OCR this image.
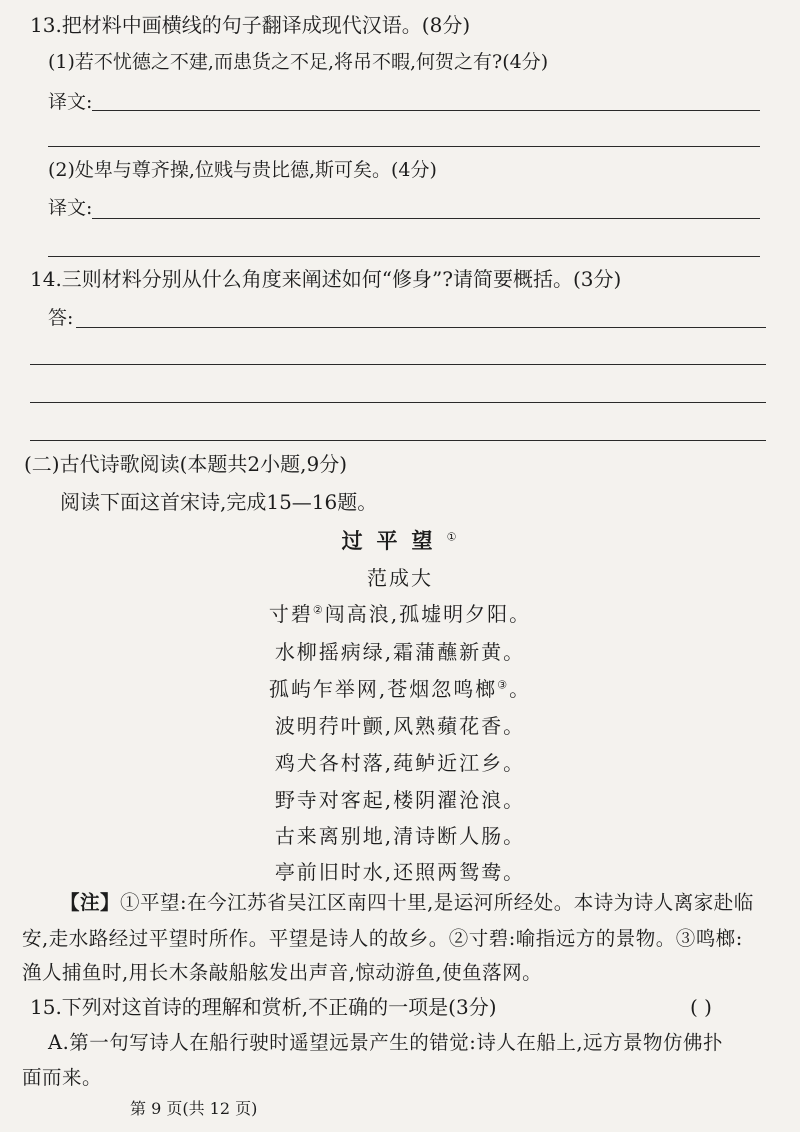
13.把材料中画横线的句子翻译成现代汉语。(8分)
(1)若不忧德之不建,而患货之不足,将吊不暇,何贺之有?(4分)
译文:
(2)处卑与尊齐操,位贱与贵比德,斯可矣。(4分)
译文:
14.三则材料分别从什么角度来阐述如何“修身”?请简要概括。(3分)
答:
(二)古代诗歌阅读(本题共2小题,9分)
阅读下面这首宋诗,完成15—16题。
过平望①
范成大
寸碧②闯高浪,孤墟明夕阳。
水柳摇病绿,霜蒲蘸新黄。
孤屿乍举网,苍烟忽鸣榔③。
波明荇叶颤,风熟蘋花香。
鸡犬各村落,莼鲈近江乡。
野寺对客起,楼阴濯沧浪。
古来离别地,清诗断人肠。
亭前旧时水,还照两鸳鸯。
【注】①平望:在今江苏省吴江区南四十里,是运河所经处。本诗为诗人离家赴临
安,走水路经过平望时所作。平望是诗人的故乡。②寸碧:喻指远方的景物。③鸣榔:
渔人捕鱼时,用长木条敲船舷发出声音,惊动游鱼,使鱼落网。
15.下列对这首诗的理解和赏析,不正确的一项是(3分)	( )
A.第一句写诗人在船行驶时遥望远景产生的错觉:诗人在船上,远方景物仿佛扑
面而来。
第 9 页(共 12 页)
